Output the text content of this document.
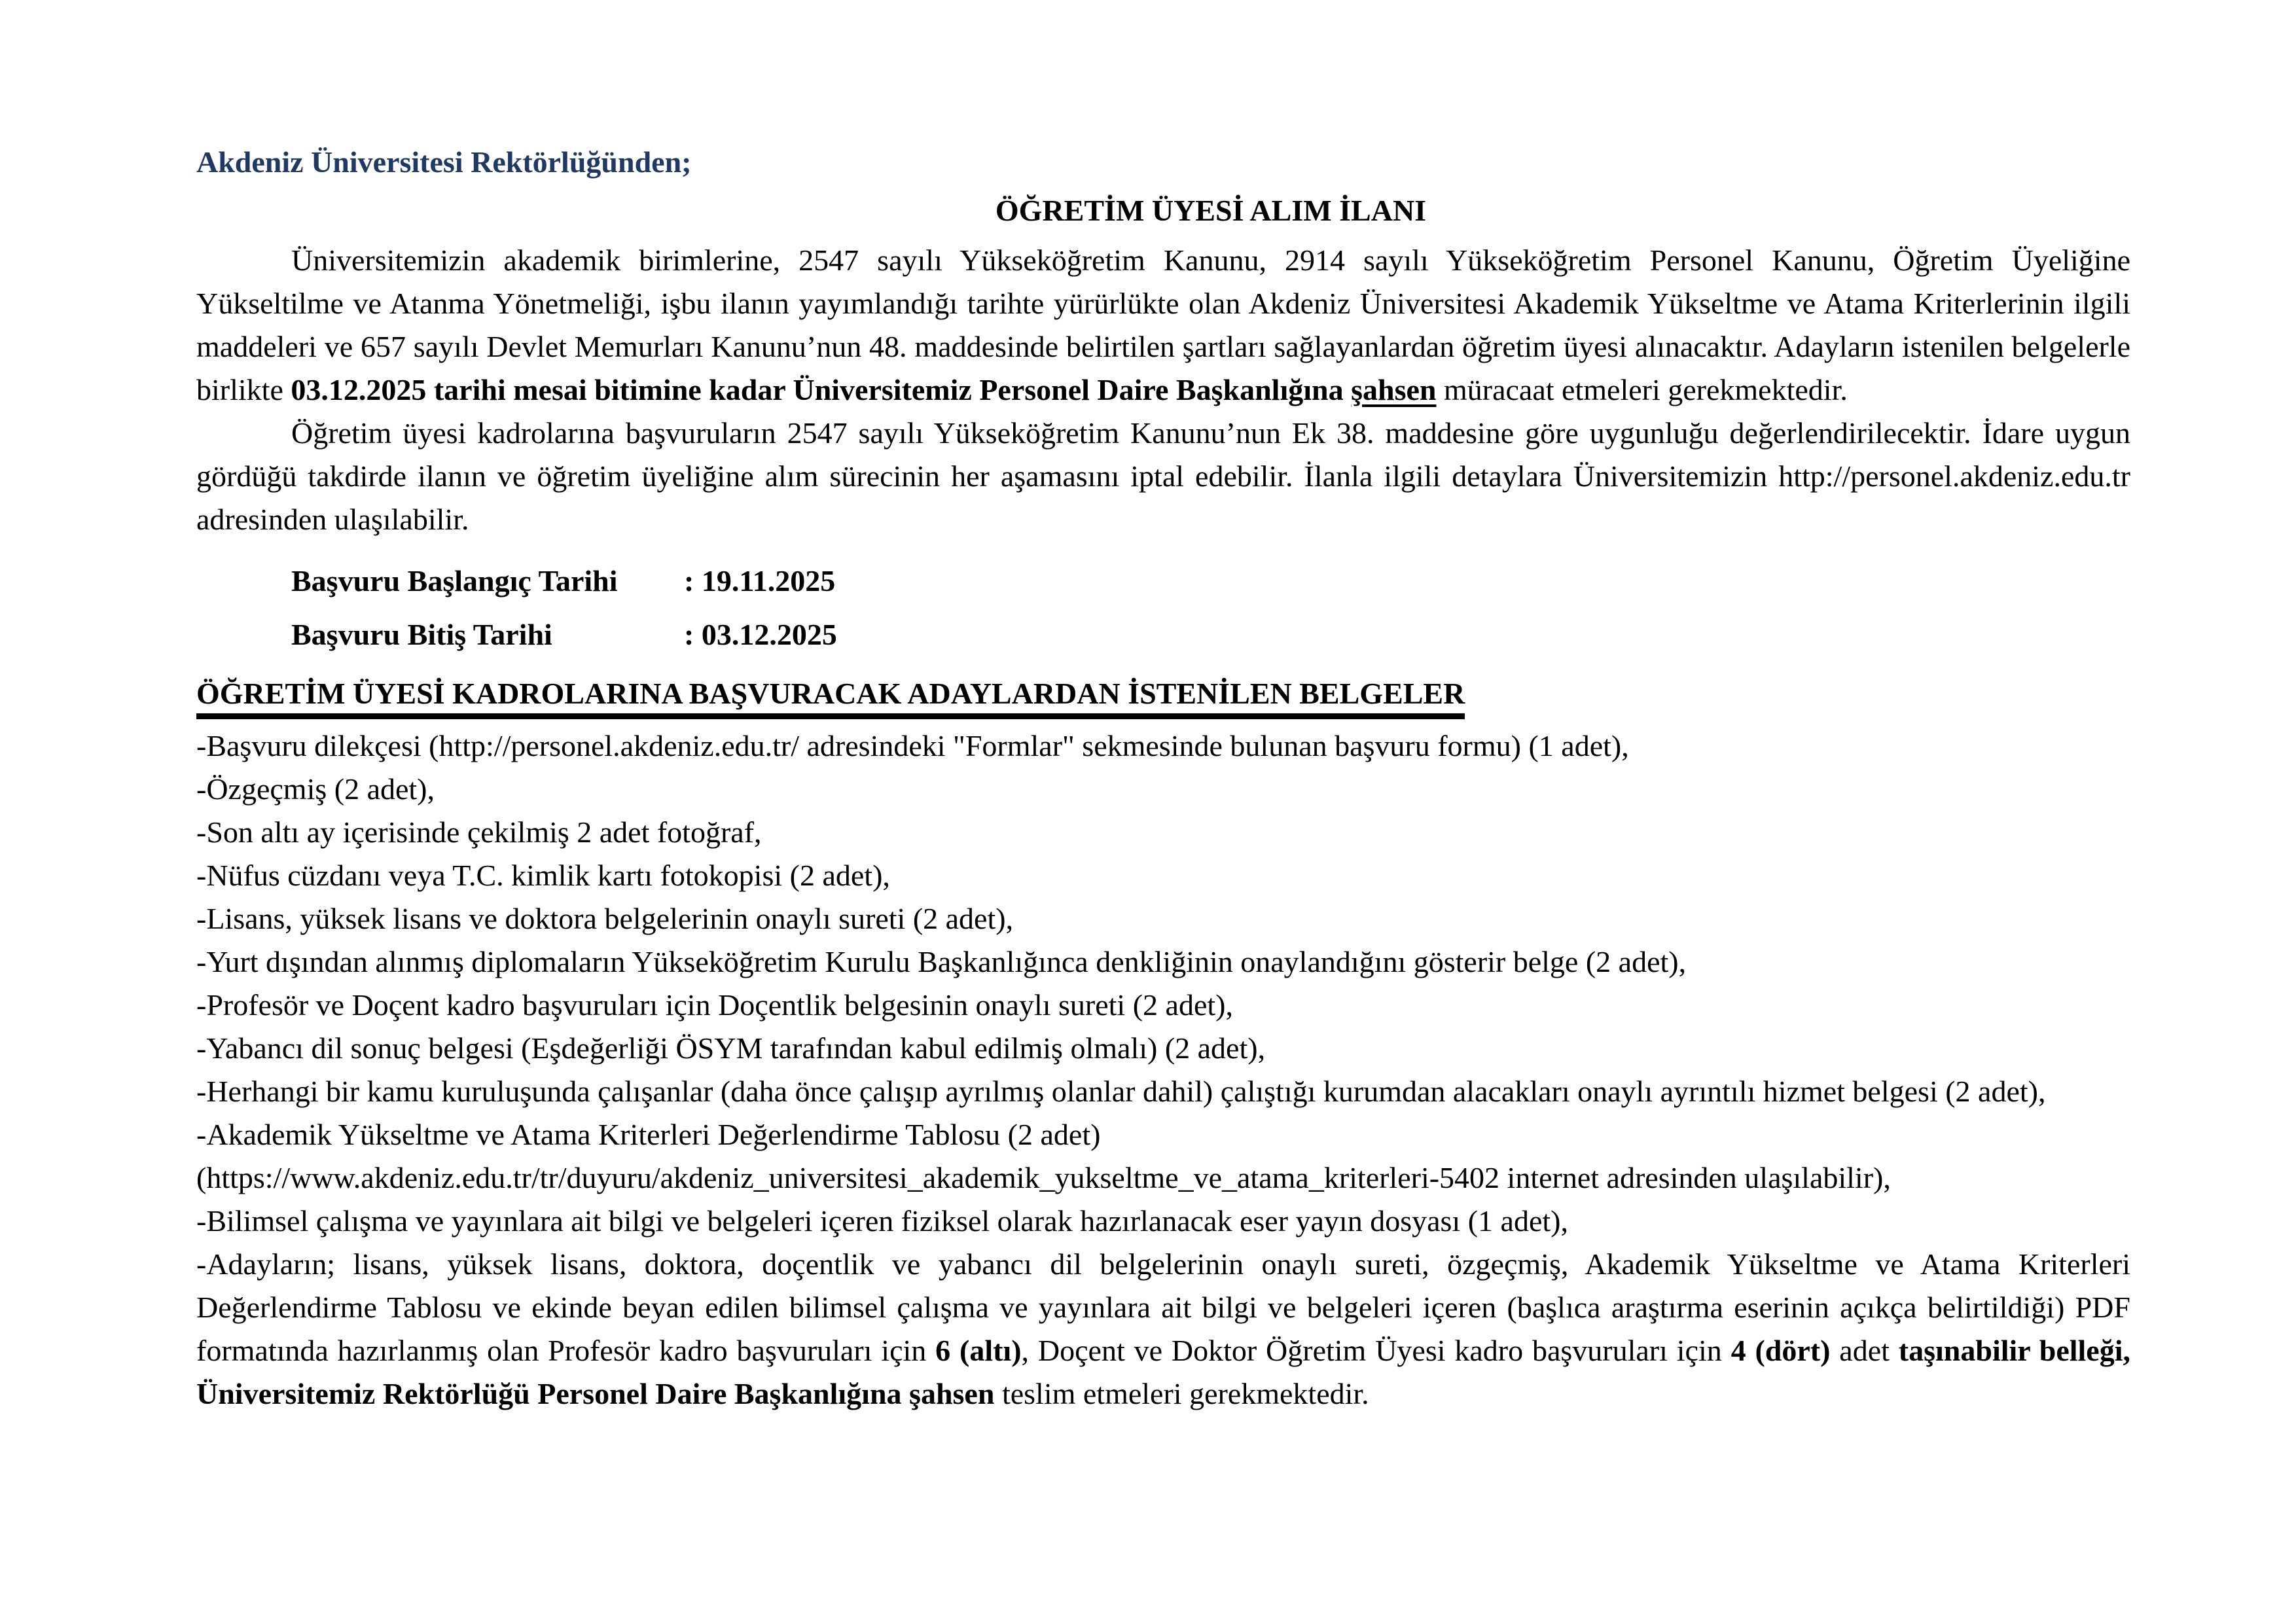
Akdeniz Üniversitesi Rektörlüğünden;

ÖĞRETİM ÜYESİ ALIM İLANI

Üniversitemizin akademik birimlerine, 2547 sayılı Yükseköğretim Kanunu, 2914 sayılı Yükseköğretim Personel Kanunu, Öğretim Üyeliğine Yükseltilme ve Atanma Yönetmeliği, işbu ilanın yayımlandığı tarihte yürürlükte olan Akdeniz Üniversitesi Akademik Yükseltme ve Atama Kriterlerinin ilgili maddeleri ve 657 sayılı Devlet Memurları Kanunu’nun 48. maddesinde belirtilen şartları sağlayanlardan öğretim üyesi alınacaktır. Adayların istenilen belgelerle birlikte 03.12.2025 tarihi mesai bitimine kadar Üniversitemiz Personel Daire Başkanlığına şahsen müracaat etmeleri gerekmektedir.

Öğretim üyesi kadrolarına başvuruların 2547 sayılı Yükseköğretim Kanunu’nun Ek 38. maddesine göre uygunluğu değerlendirilecektir. İdare uygun gördüğü takdirde ilanın ve öğretim üyeliğine alım sürecinin her aşamasını iptal edebilir. İlanla ilgili detaylara Üniversitemizin http://personel.akdeniz.edu.tr adresinden ulaşılabilir.

Başvuru Başlangıç Tarihi : 19.11.2025
Başvuru Bitiş Tarihi	: 03.12.2025

ÖĞRETİM ÜYESİ KADROLARINA BAŞVURACAK ADAYLARDAN İSTENİLEN BELGELER

-Başvuru dilekçesi (http://personel.akdeniz.edu.tr/ adresindeki "Formlar" sekmesinde bulunan başvuru formu) (1 adet),

-Özgeçmiş (2 adet),

-Son altı ay içerisinde çekilmiş 2 adet fotoğraf,

-Nüfus cüzdanı veya T.C. kimlik kartı fotokopisi (2 adet),

-Lisans, yüksek lisans ve doktora belgelerinin onaylı sureti (2 adet),

-Yurt dışından alınmış diplomaların Yükseköğretim Kurulu Başkanlığınca denkliğinin onaylandığını gösterir belge (2 adet),

-Profesör ve Doçent kadro başvuruları için Doçentlik belgesinin onaylı sureti (2 adet),

-Yabancı dil sonuç belgesi (Eşdeğerliği ÖSYM tarafından kabul edilmiş olmalı) (2 adet),

-Herhangi bir kamu kuruluşunda çalışanlar (daha önce çalışıp ayrılmış olanlar dahil) çalıştığı kurumdan alacakları onaylı ayrıntılı hizmet belgesi (2 adet),

-Akademik Yükseltme ve Atama Kriterleri Değerlendirme Tablosu (2 adet)

(https://www.akdeniz.edu.tr/tr/duyuru/akdeniz_universitesi_akademik_yukseltme_ve_atama_kriterleri-5402 internet adresinden ulaşılabilir),

-Bilimsel çalışma ve yayınlara ait bilgi ve belgeleri içeren fiziksel olarak hazırlanacak eser yayın dosyası (1 adet),

-Adayların; lisans, yüksek lisans, doktora, doçentlik ve yabancı dil belgelerinin onaylı sureti, özgeçmiş, Akademik Yükseltme ve Atama Kriterleri Değerlendirme Tablosu ve ekinde beyan edilen bilimsel çalışma ve yayınlara ait bilgi ve belgeleri içeren (başlıca araştırma eserinin açıkça belirtildiği) PDF formatında hazırlanmış olan Profesör kadro başvuruları için 6 (altı), Doçent ve Doktor Öğretim Üyesi kadro başvuruları için 4 (dört) adet taşınabilir belleği, Üniversitemiz Rektörlüğü Personel Daire Başkanlığına şahsen teslim etmeleri gerekmektedir.
